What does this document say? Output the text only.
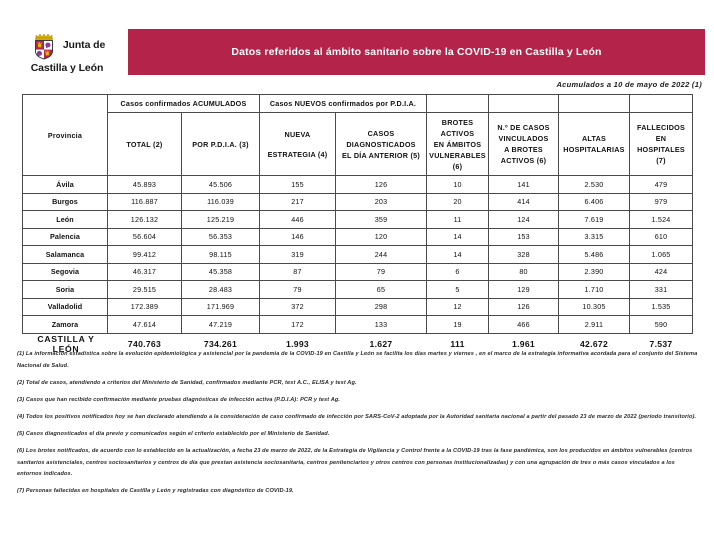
Junta de
Castilla y León
Datos referidos al ámbito sanitario sobre la COVID-19 en Castilla y León
Acumulados a 10 de mayo de 2022 (1)
Provincia	Casos confirmados ACUMULADOS		Casos NUEVOS confirmados por P.D.I.A.					

TOTAL (2)	POR P.D.I.A. (3)

NUEVA
ESTRATEGIA (4)

CASOS
DIAGNOSTICADOS
EL DÍA ANTERIOR (5)

BROTES
ACTIVOS
EN ÁMBITOS
VULNERABLES
(6)

N.º DE CASOS
VINCULADOS
A BROTES
ACTIVOS (6)

ALTAS
HOSPITALARIAS

FALLECIDOS
EN
HOSPITALES
(7)

Ávila	45.893	45.506	155	126	10	141	2.530	479
Burgos	116.887	116.039	217	203	20	414	6.406	979
León	126.132	125.219	446	359	11	124	7.619	1.524
Palencia	56.604	56.353	146	120	14	153	3.315	610
Salamanca	99.412	98.115	319	244	14	328	5.486	1.065
Segovia	46.317	45.358	87	79	6	80	2.390	424
Soria	29.515	28.483	79	65	5	129	1.710	331
Valladolid	172.389	171.969	372	298	12	126	10.305	1.535
Zamora	47.614	47.219	172	133	19	466	2.911	590
CASTILLA Y LEÓN	740.763	734.261	1.993	1.627	111	1.961	42.672	7.537
(1) La información estadística sobre la evolución epidemiológica y asistencial por la pandemia de la COVID-19 en Castilla y León se facilita los días martes y viernes , en el marco de la estrategia informativa acordada para el conjunto del Sistema Nacional de Salud.
(2) Total de casos, atendiendo a criterios del Ministerio de Sanidad, confirmados mediante PCR, test A.C., ELISA y test Ag.
(3) Casos que han recibido confirmación mediante pruebas diagnósticas de infección activa (P.D.I.A): PCR y test Ag.
(4) Todos los positivos notificados hoy se han declarado atendiendo a la consideración de caso confirmado de infección por SARS-CoV-2 adoptada por la Autoridad sanitaria nacional a partir del pasado 23 de marzo de 2022 (período transitorio).
(5) Casos diagnosticados el día previo y comunicados según el criterio establecido por el Ministerio de Sanidad.
(6) Los brotes notificados, de acuerdo con lo establecido en la actualización, a fecha 23 de marzo de 2022, de la Estrategia de Vigilancia y Control frente a la COVID-19 tras la fase pandémica, son los producidos en ámbitos vulnerables (centros sanitarios asistenciales, centros sociosanitarios y centros de día que prestan asistencia sociosanitaria, centros penitenciarios y otros centros con personas institucionalizadas) y con una agrupación de tres o más casos vinculados a los entornos indicados.
(7) Personas fallecidas en hospitales de Castilla y León y registradas con diagnóstico de COVID-19.
